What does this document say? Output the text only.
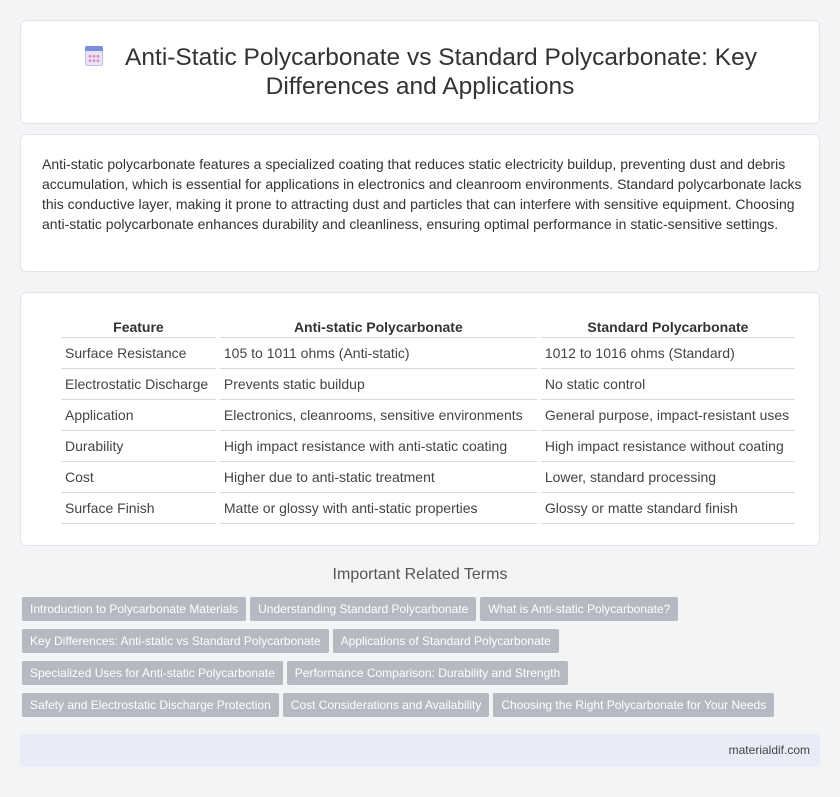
Anti-Static Polycarbonate vs Standard Polycarbonate: Key Differences and Applications

Anti-static polycarbonate features a specialized coating that reduces static electricity buildup, preventing dust and debris accumulation, which is essential for applications in electronics and cleanroom environments. Standard polycarbonate lacks this conductive layer, making it prone to attracting dust and particles that can interfere with sensitive equipment. Choosing anti-static polycarbonate enhances durability and cleanliness, ensuring optimal performance in static-sensitive settings.

Feature	Anti-static Polycarbonate	Standard Polycarbonate
Surface Resistance	105 to 1011 ohms (Anti-static)	1012 to 1016 ohms (Standard)
Electrostatic Discharge	Prevents static buildup	No static control
Application	Electronics, cleanrooms, sensitive environments	General purpose, impact-resistant uses
Durability	High impact resistance with anti-static coating	High impact resistance without coating
Cost	Higher due to anti-static treatment	Lower, standard processing
Surface Finish	Matte or glossy with anti-static properties	Glossy or matte standard finish
Important Related Terms
Introduction to Polycarbonate Materials Understanding Standard Polycarbonate What is Anti-static Polycarbonate?
Key Differences: Anti-static vs Standard Polycarbonate Applications of Standard Polycarbonate
Specialized Uses for Anti-static Polycarbonate Performance Comparison: Durability and Strength
Safety and Electrostatic Discharge Protection Cost Considerations and Availability Choosing the Right Polycarbonate for Your Needs
materialdif.com
